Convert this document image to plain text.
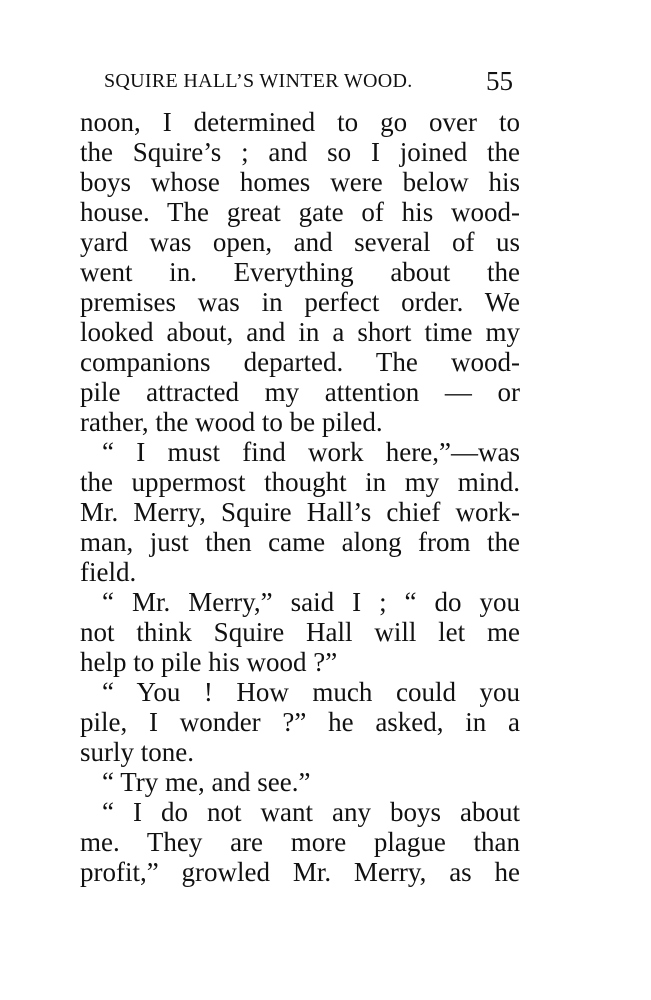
SQUIRE HALL’S WINTER WOOD.	55
noon, I determined to go over to
the Squire’s ; and so I joined the
boys whose homes were below his
house. The great gate of his wood-
yard was open, and several of us
went in. Everything about the
premises was in perfect order. We
looked about, and in a short time my
companions departed. The wood-
pile attracted my attention — or
rather, the wood to be piled.
“ I must find work here,”—was
the uppermost thought in my mind.
Mr. Merry, Squire Hall’s chief work-
man, just then came along from the
field.
“ Mr. Merry,” said I ; “ do you
not think Squire Hall will let me
help to pile his wood ?”
“ You ! How much could you
pile, I wonder ?” he asked, in a
surly tone.
“ Try me, and see.”
“ I do not want any boys about
me. They are more plague than
profit,” growled Mr. Merry, as he
